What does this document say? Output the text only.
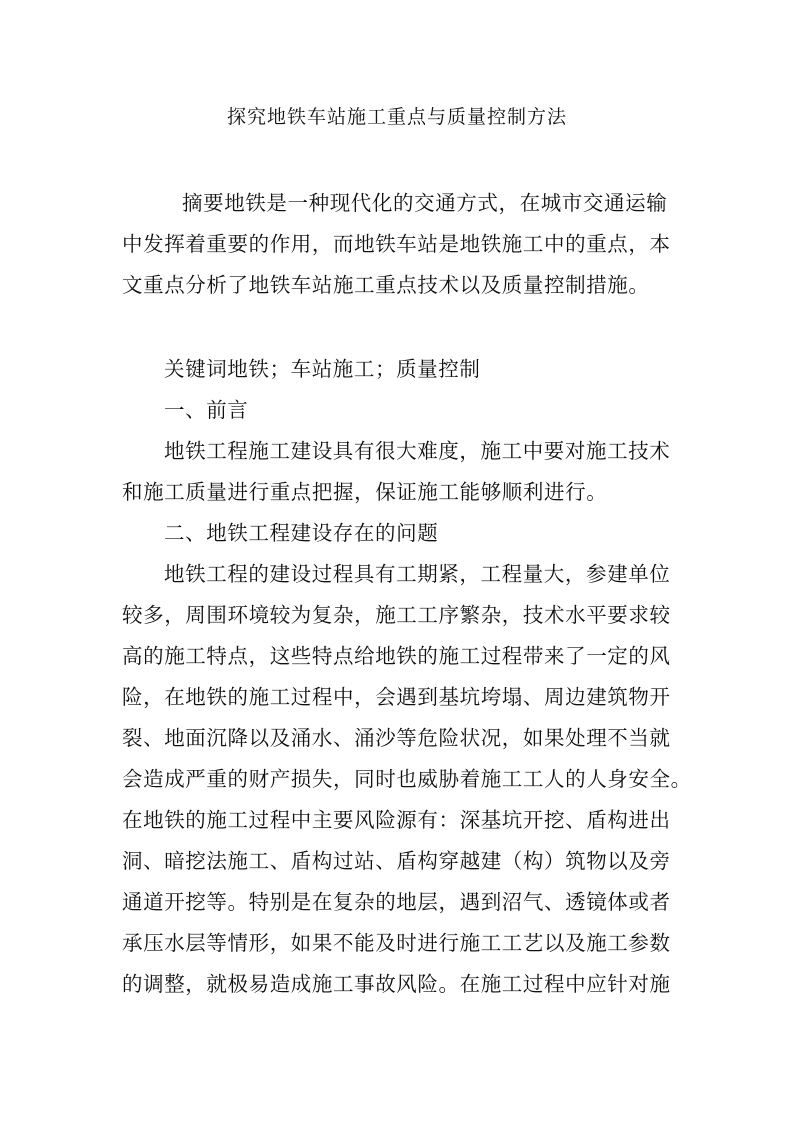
探究地铁车站施工重点与质量控制方法
摘要地铁是一种现代化的交通方式，在城市交通运输
中发挥着重要的作用，而地铁车站是地铁施工中的重点，本
文重点分析了地铁车站施工重点技术以及质量控制措施。
关键词地铁；车站施工；质量控制
一、前言
地铁工程施工建设具有很大难度，施工中要对施工技术
和施工质量进行重点把握，保证施工能够顺利进行。
二、地铁工程建设存在的问题
地铁工程的建设过程具有工期紧，工程量大，参建单位
较多，周围环境较为复杂，施工工序繁杂，技术水平要求较
高的施工特点，这些特点给地铁的施工过程带来了一定的风
险，在地铁的施工过程中，会遇到基坑垮塌、周边建筑物开
裂、地面沉降以及涌水、涌沙等危险状况，如果处理不当就
会造成严重的财产损失，同时也威胁着施工工人的人身安全。
在地铁的施工过程中主要风险源有：深基坑开挖、盾构进出
洞、暗挖法施工、盾构过站、盾构穿越建（构）筑物以及旁
通道开挖等。特别是在复杂的地层，遇到沼气、透镜体或者
承压水层等情形，如果不能及时进行施工工艺以及施工参数
的调整，就极易造成施工事故风险。在施工过程中应针对施
